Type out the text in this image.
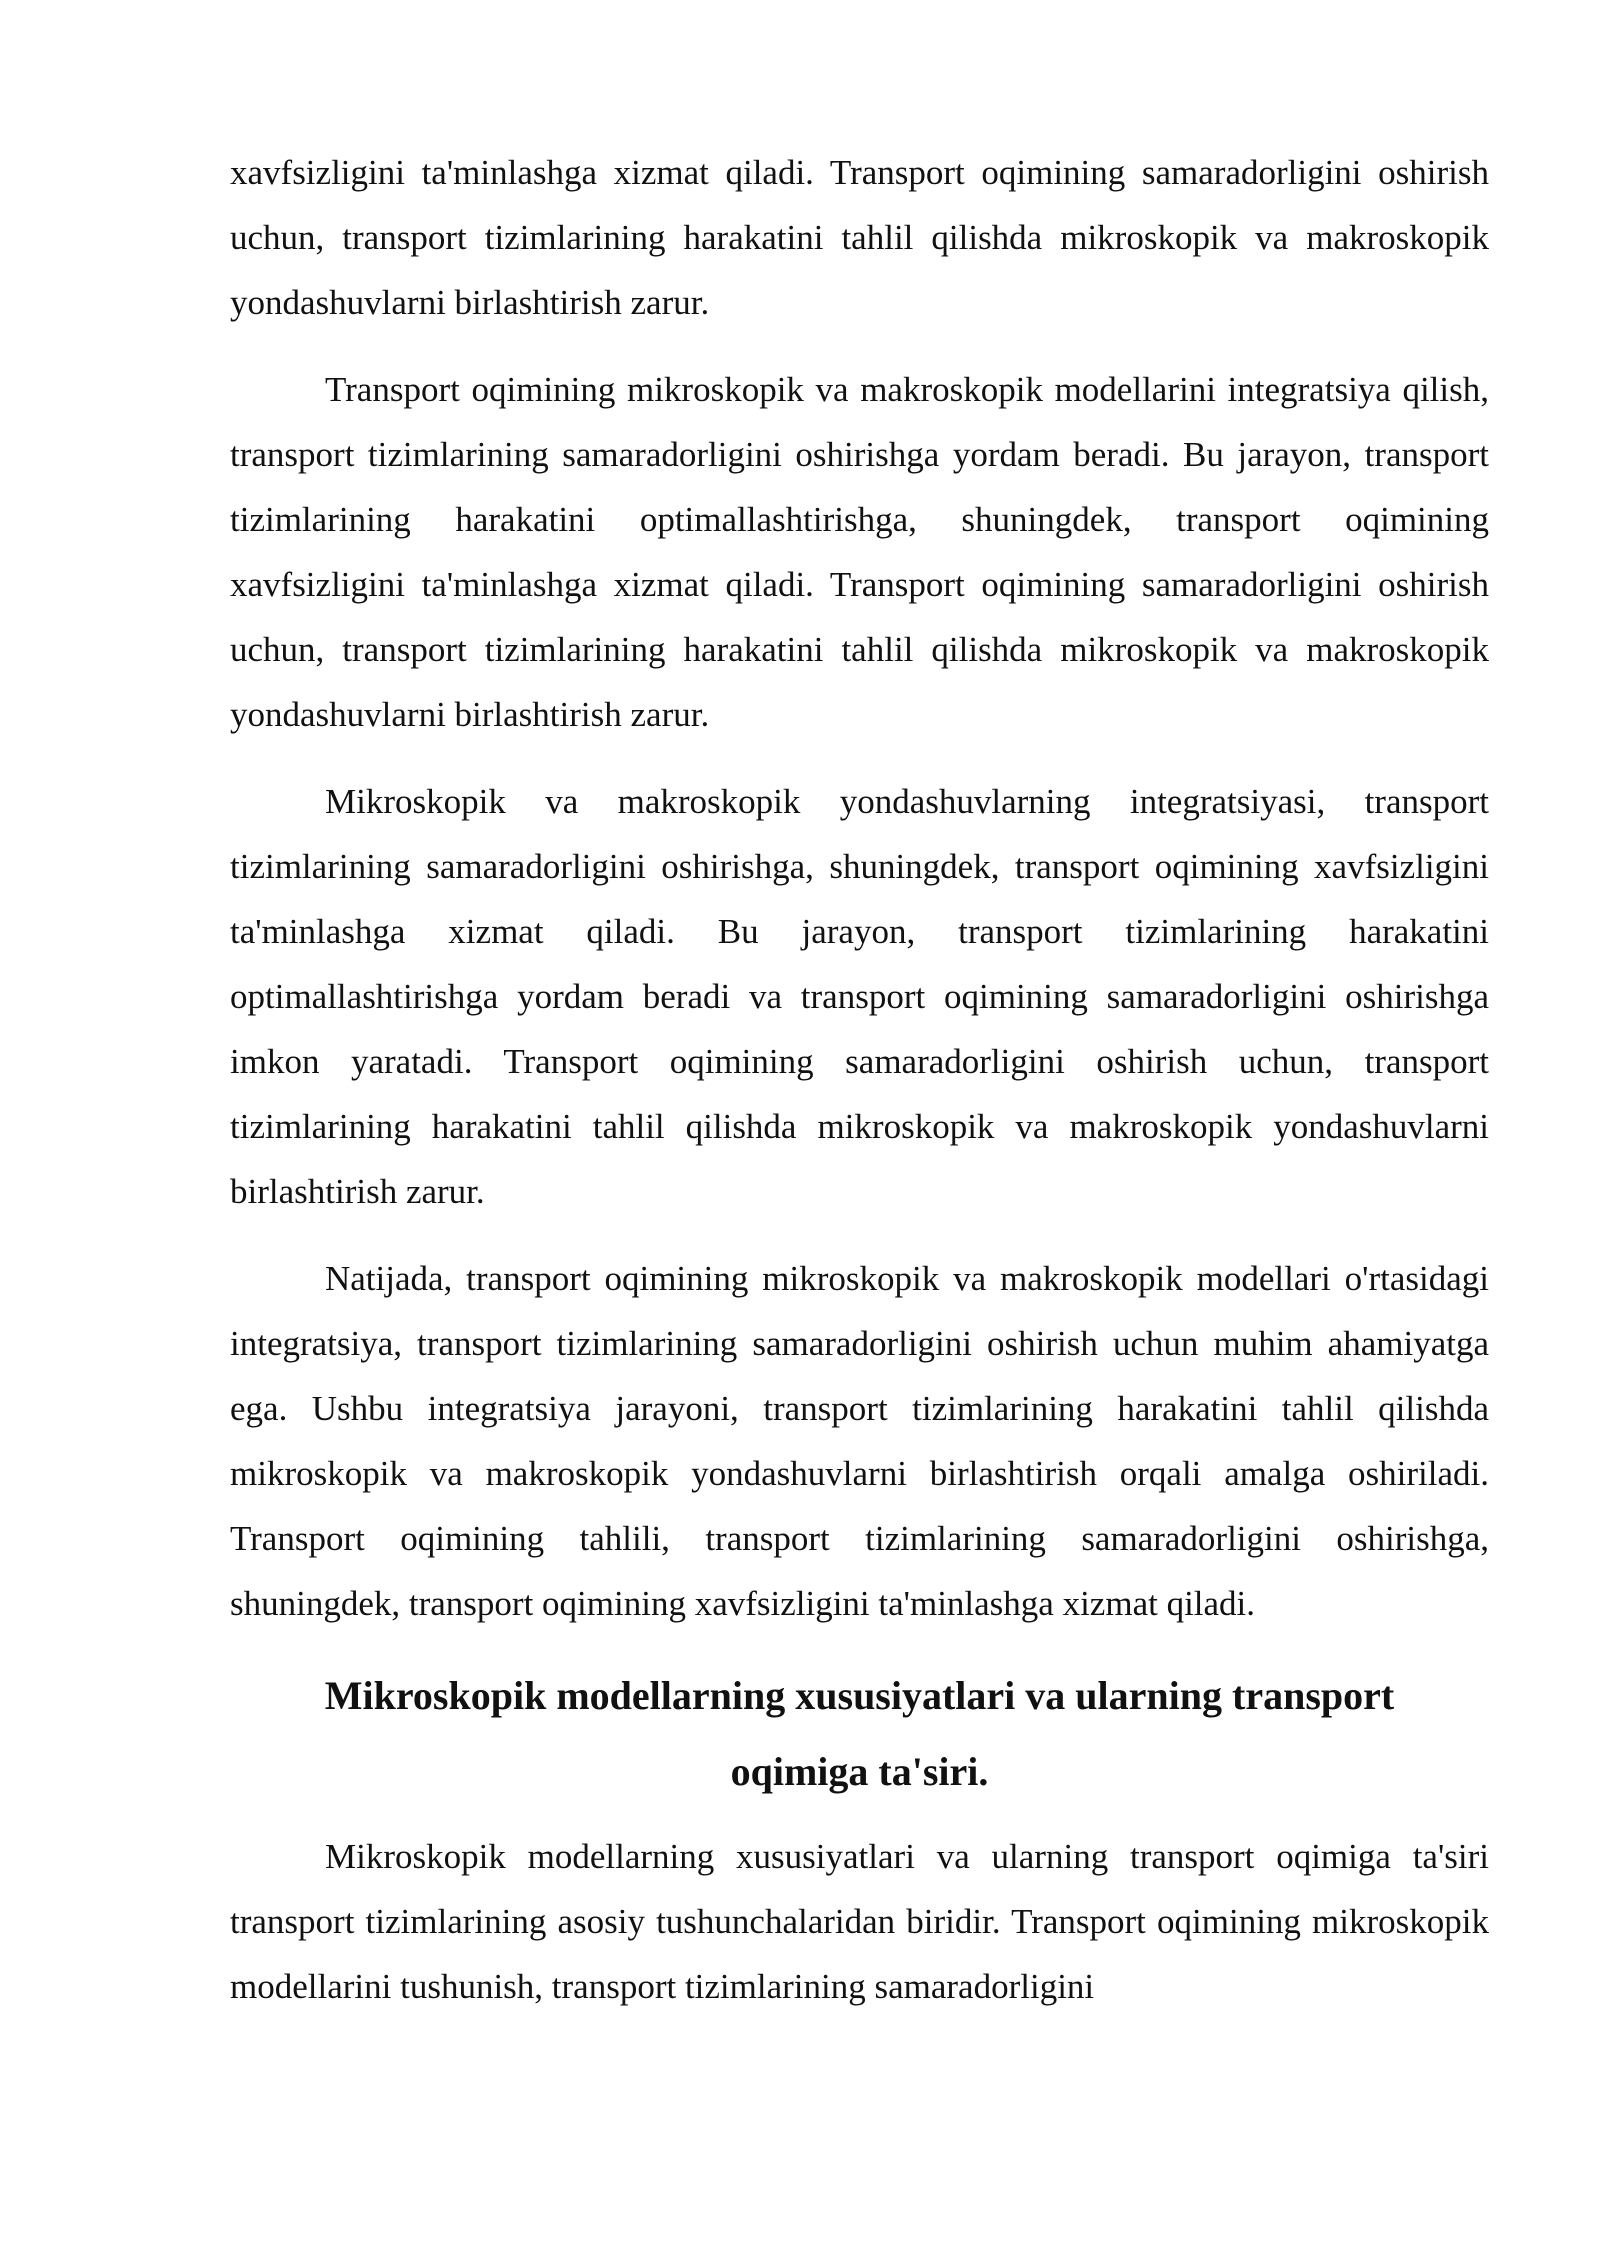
xavfsizligini ta'minlashga xizmat qiladi. Transport oqimining samaradorligini oshirish uchun, transport tizimlarining harakatini tahlil qilishda mikroskopik va makroskopik yondashuvlarni birlashtirish zarur.

Transport oqimining mikroskopik va makroskopik modellarini integratsiya qilish, transport tizimlarining samaradorligini oshirishga yordam beradi. Bu jarayon, transport tizimlarining harakatini optimallashtirishga, shuningdek, transport oqimining xavfsizligini ta'minlashga xizmat qiladi. Transport oqimining samaradorligini oshirish uchun, transport tizimlarining harakatini tahlil qilishda mikroskopik va makroskopik yondashuvlarni birlashtirish zarur.

Mikroskopik va makroskopik yondashuvlarning integratsiyasi, transport tizimlarining samaradorligini oshirishga, shuningdek, transport oqimining xavfsizligini ta'minlashga xizmat qiladi. Bu jarayon, transport tizimlarining harakatini optimallashtirishga yordam beradi va transport oqimining samaradorligini oshirishga imkon yaratadi. Transport oqimining samaradorligini oshirish uchun, transport tizimlarining harakatini tahlil qilishda mikroskopik va makroskopik yondashuvlarni birlashtirish zarur.

Natijada, transport oqimining mikroskopik va makroskopik modellari o'rtasidagi integratsiya, transport tizimlarining samaradorligini oshirish uchun muhim ahamiyatga ega. Ushbu integratsiya jarayoni, transport tizimlarining harakatini tahlil qilishda mikroskopik va makroskopik yondashuvlarni birlashtirish orqali amalga oshiriladi. Transport oqimining tahlili, transport tizimlarining samaradorligini oshirishga, shuningdek, transport oqimining xavfsizligini ta'minlashga xizmat qiladi.

Mikroskopik modellarning xususiyatlari va ularning transport oqimiga ta'siri.

Mikroskopik modellarning xususiyatlari va ularning transport oqimiga ta'siri transport tizimlarining asosiy tushunchalaridan biridir. Transport oqimining mikroskopik modellarini tushunish, transport tizimlarining samaradorligini
